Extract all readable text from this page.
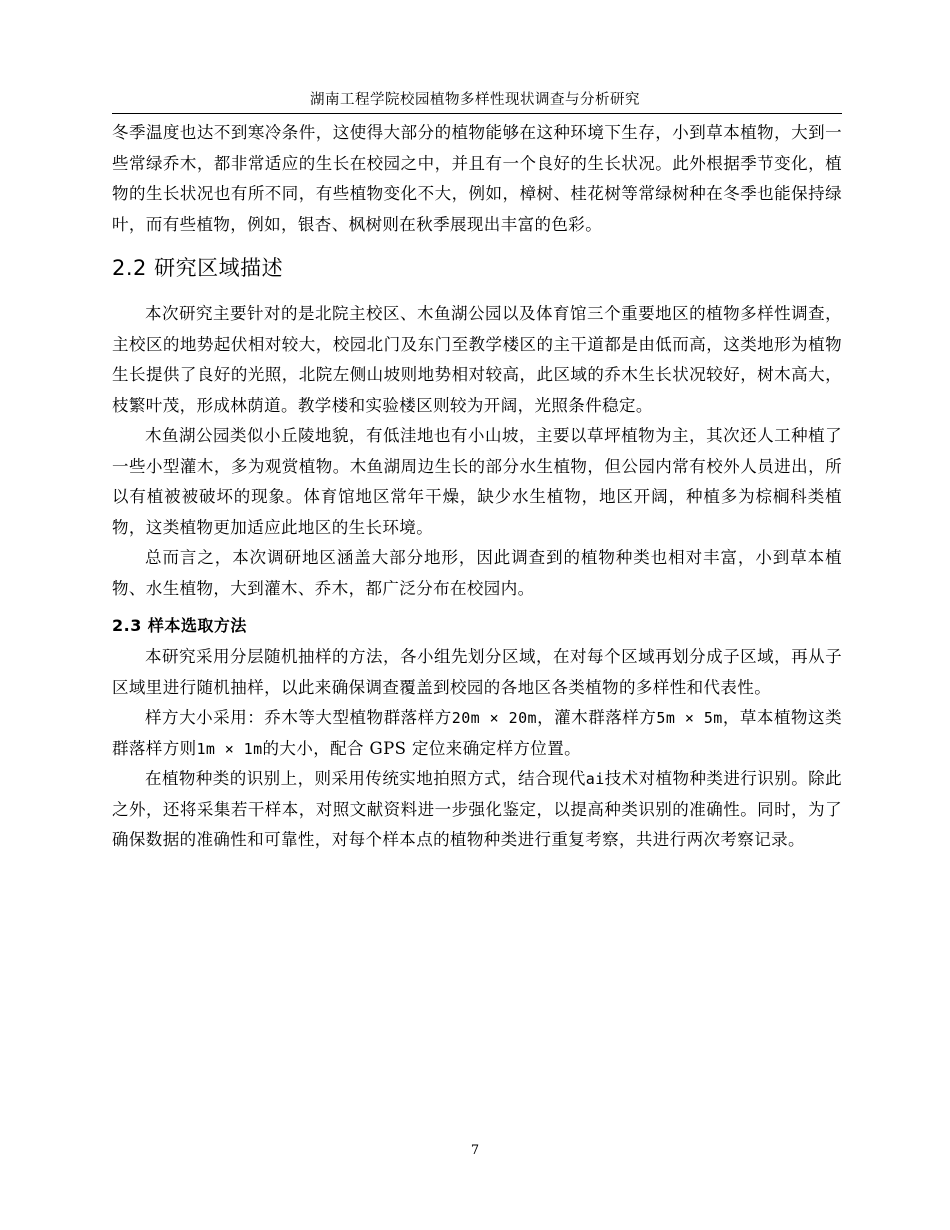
湖南工程学院校园植物多样性现状调查与分析研究

冬季温度也达不到寒冷条件，这使得大部分的植物能够在这种环境下生存，小到草本植物，大到一些常绿乔木，都非常适应的生长在校园之中，并且有一个良好的生长状况。此外根据季节变化，植物的生长状况也有所不同，有些植物变化不大，例如，樟树、桂花树等常绿树种在冬季也能保持绿叶，而有些植物，例如，银杏、枫树则在秋季展现出丰富的色彩。

2.2 研究区域描述

本次研究主要针对的是北院主校区、木鱼湖公园以及体育馆三个重要地区的植物多样性调查，主校区的地势起伏相对较大，校园北门及东门至教学楼区的主干道都是由低而高，这类地形为植物生长提供了良好的光照，北院左侧山坡则地势相对较高，此区域的乔木生长状况较好，树木高大，枝繁叶茂，形成林荫道。教学楼和实验楼区则较为开阔，光照条件稳定。

木鱼湖公园类似小丘陵地貌，有低洼地也有小山坡，主要以草坪植物为主，其次还人工种植了一些小型灌木，多为观赏植物。木鱼湖周边生长的部分水生植物，但公园内常有校外人员进出，所以有植被被破坏的现象。体育馆地区常年干燥，缺少水生植物，地区开阔，种植多为棕榈科类植物，这类植物更加适应此地区的生长环境。

总而言之，本次调研地区涵盖大部分地形，因此调查到的植物种类也相对丰富，小到草本植物、水生植物，大到灌木、乔木，都广泛分布在校园内。

2.3 样本选取方法

本研究采用分层随机抽样的方法，各小组先划分区域，在对每个区域再划分成子区域，再从子区域里进行随机抽样，以此来确保调查覆盖到校园的各地区各类植物的多样性和代表性。

样方大小采用：乔木等大型植物群落样方20m × 20m，灌木群落样方5m × 5m，草本植物这类群落样方则1m × 1m的大小，配合 GPS 定位来确定样方位置。

在植物种类的识别上，则采用传统实地拍照方式，结合现代ai技术对植物种类进行识别。除此之外，还将采集若干样本，对照文献资料进一步强化鉴定，以提高种类识别的准确性。同时，为了确保数据的准确性和可靠性，对每个样本点的植物种类进行重复考察，共进行两次考察记录。

7
